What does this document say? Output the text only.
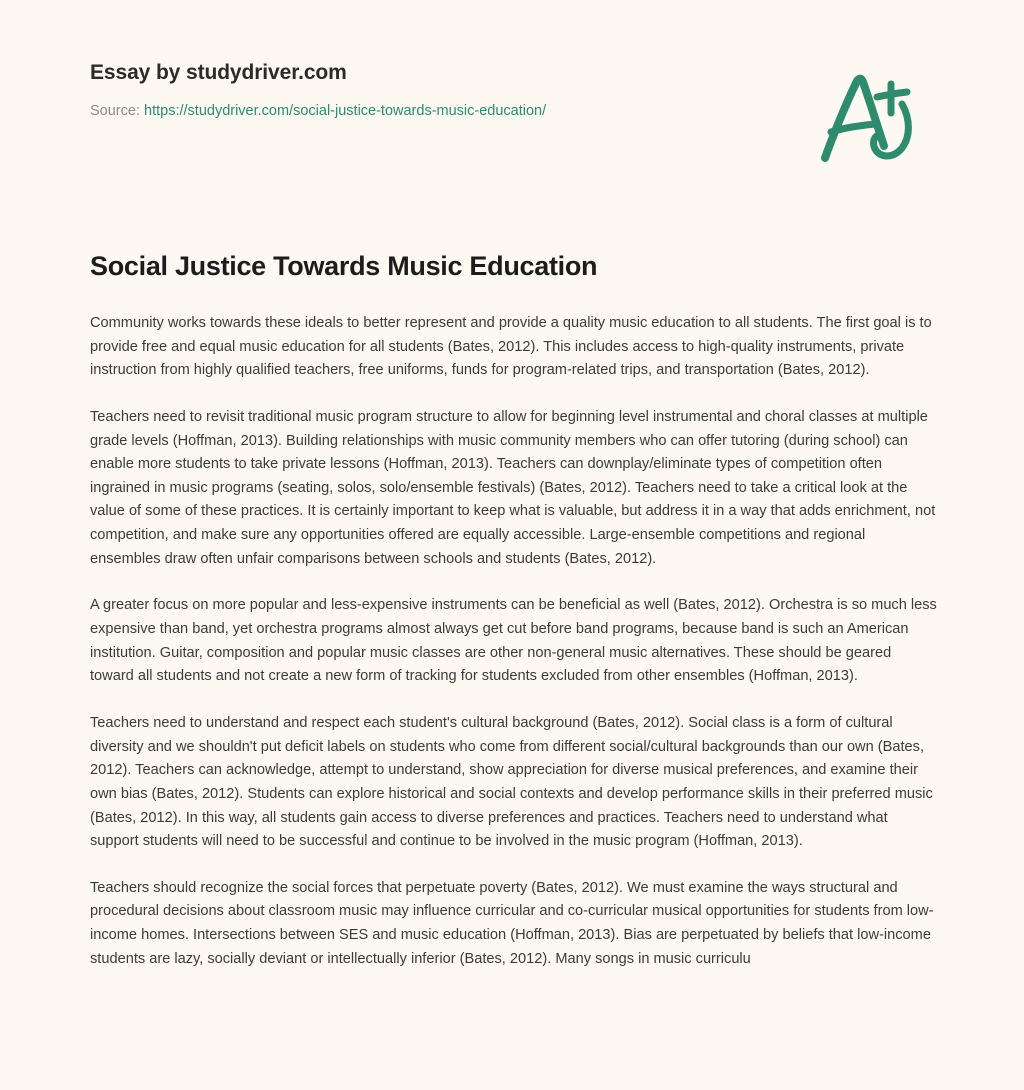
Essay by studydriver.com
Source: https://studydriver.com/social-justice-towards-music-education/
Social Justice Towards Music Education

Community works towards these ideals to better represent and provide a quality music education to all students. The first goal is to provide free and equal music education for all students (Bates, 2012). This includes access to high-quality instruments, private instruction from highly qualified teachers, free uniforms, funds for program-related trips, and transportation (Bates, 2012).

Teachers need to revisit traditional music program structure to allow for beginning level instrumental and choral classes at multiple grade levels (Hoffman, 2013). Building relationships with music community members who can offer tutoring (during school) can enable more students to take private lessons (Hoffman, 2013). Teachers can downplay/eliminate types of competition often ingrained in music programs (seating, solos, solo/ensemble festivals) (Bates, 2012). Teachers need to take a critical look at the value of some of these practices. It is certainly important to keep what is valuable, but address it in a way that adds enrichment, not competition, and make sure any opportunities offered are equally accessible. Large-ensemble competitions and regional ensembles draw often unfair comparisons between schools and students (Bates, 2012).

A greater focus on more popular and less-expensive instruments can be beneficial as well (Bates, 2012). Orchestra is so much less expensive than band, yet orchestra programs almost always get cut before band programs, because band is such an American institution. Guitar, composition and popular music classes are other non-general music alternatives. These should be geared toward all students and not create a new form of tracking for students excluded from other ensembles (Hoffman, 2013).

Teachers need to understand and respect each student's cultural background (Bates, 2012). Social class is a form of cultural diversity and we shouldn't put deficit labels on students who come from different social/cultural backgrounds than our own (Bates, 2012). Teachers can acknowledge, attempt to understand, show appreciation for diverse musical preferences, and examine their own bias (Bates, 2012). Students can explore historical and social contexts and develop performance skills in their preferred music (Bates, 2012). In this way, all students gain access to diverse preferences and practices. Teachers need to understand what support students will need to be successful and continue to be involved in the music program (Hoffman, 2013).

Teachers should recognize the social forces that perpetuate poverty (Bates, 2012). We must examine the ways structural and procedural decisions about classroom music may influence curricular and co-curricular musical opportunities for students from low-income homes. Intersections between SES and music education (Hoffman, 2013). Bias are perpetuated by beliefs that low-income students are lazy, socially deviant or intellectually inferior (Bates, 2012). Many songs in music curriculu
